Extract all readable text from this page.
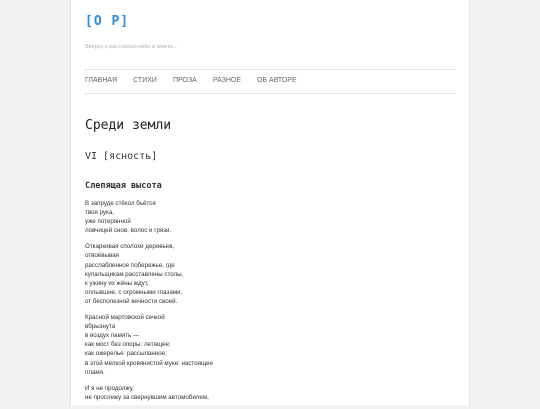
[O P]
Вверху я расстилаю небо и землю...
ГЛАВНАЯ СТИХИ ПРОЗА РАЗНОЕ ОБ АВТОРЕ
Среди земли
VI [ясность]
Слепящая высота
В запруде стёкол бьётся
твоя рука,
уже потерянной
ловчицей снов, волос и грязи.
Откаркивая сполохи деревьев,
отвоёвывая
расслабленное побережье, где
купальщикам расставлены столы,
к ужину их жёны ждут,
оплывшие, с огромными глазами,
от бесполезной вечности своей.
Красной мартовской сечкой
вбрызнута
в воздух память —
как мост без опоры: летящее;
как ожерелье: рассыпанное;
в этой мелкой кровянистой муке: настоящее
пламя.
И я не продолжу,
не прослежу за свернувшим автомобилем,
